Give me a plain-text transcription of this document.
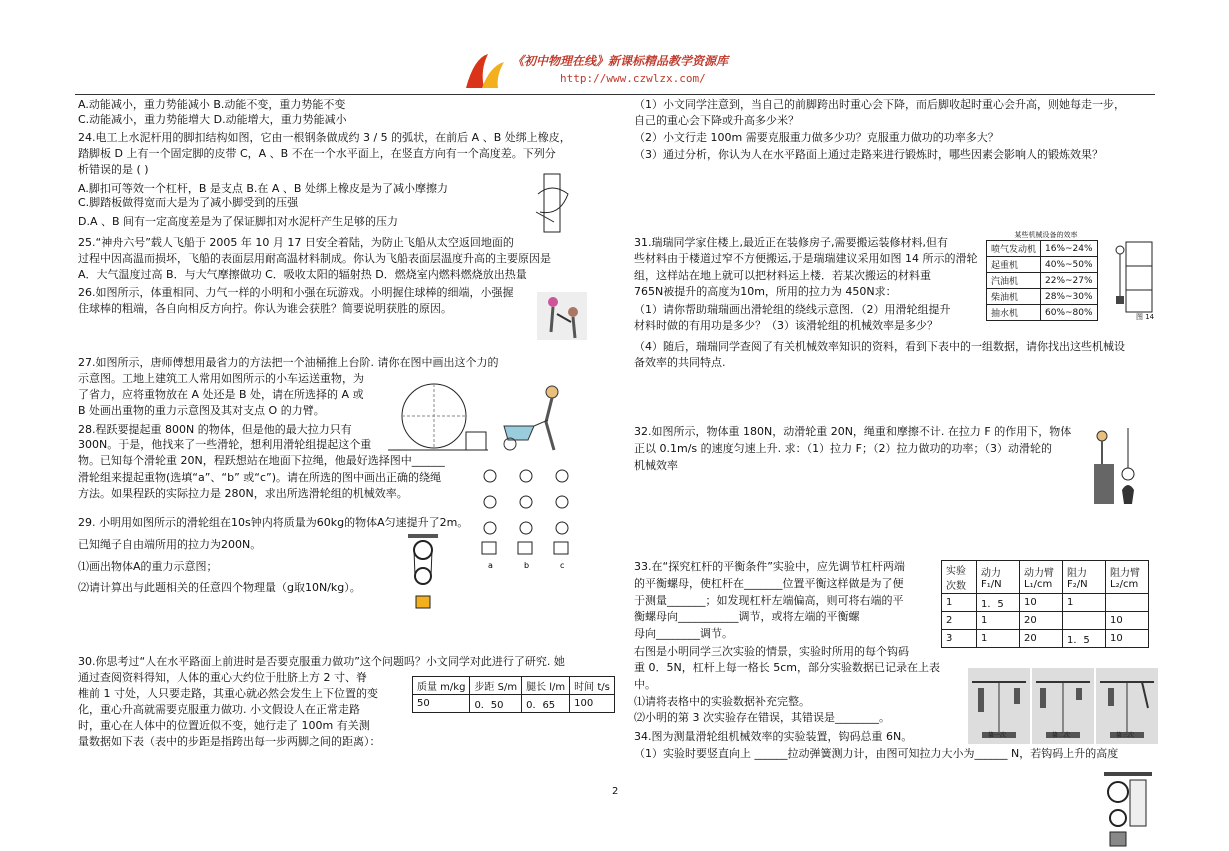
《初中物理在线》新课标精品教学资源库
http://www.czwlzx.com/
A.动能减小，重力势能减小 B.动能不变，重力势能不变
C.动能减小，重力势能增大 D.动能增大，重力势能减小
24.电工上水泥杆用的脚扣结构如图，它由一根钢条做成约 3 / 5 的弧状，在前后 A 、B 处绑上橡皮，
踏脚板 D 上有一个固定脚的皮带 C，A 、B 不在一个水平面上，在竖直方向有一个高度差。下列分
析错误的是 ( )
A.脚扣可等效一个杠杆，B 是支点 B.在 A 、B 处绑上橡皮是为了减小摩擦力
C.脚踏板做得宽而大是为了减小脚受到的压强
D.A 、B 间有一定高度差是为了保证脚扣对水泥杆产生足够的压力
25.“神舟六号”载人飞船于 2005 年 10 月 17 日安全着陆，为防止飞船从太空返回地面的
过程中因高温而损坏，飞船的表面层用耐高温材料制成。你认为飞船表面层温度升高的主要原因是
A．大气温度过高 B．与大气摩擦做功 C．吸收太阳的辐射热 D．燃烧室内燃料燃烧放出热量
26.如图所示，体重相同、力气一样的小明和小强在玩游戏。小明握住球棒的细端，小强握
住球棒的粗端，各自向相反方向拧。你认为谁会获胜？简要说明获胜的原因。
27.如图所示，唐师傅想用最省力的方法把一个油桶推上台阶. 请你在图中画出这个力的
示意图。工地上建筑工人常用如图所示的小车运送重物，为
了省力，应将重物放在 A 处还是 B 处，请在所选择的 A 或
B 处画出重物的重力示意图及其对支点 O 的力臂。
28.程跃要提起重 800N 的物体，但是他的最大拉力只有
300N。于是，他找来了一些滑轮，想利用滑轮组提起这个重
物。已知每个滑轮重 20N，程跃想站在地面下拉绳，他最好选择图中______
滑轮组来提起重物(选填“a”、“b” 或“c”)。请在所选的图中画出正确的绕绳
方法。如果程跃的实际拉力是 280N，求出所选滑轮组的机械效率。
29. 小明用如图所示的滑轮组在10s钟内将质量为60kg的物体A匀速提升了2m。
已知绳子自由端所用的拉力为200N。
⑴画出物体A的重力示意图；
⑵请计算出与此题相关的任意四个物理量（g取10N/kg）。
30.你思考过“人在水平路面上前进时是否要克服重力做功”这个问题吗？小文同学对此进行了研究. 她
通过查阅资料得知，人体的重心大约位于肚脐上方 2 寸、脊
椎前 1 寸处，人只要走路，其重心就必然会发生上下位置的变
化，重心升高就需要克服重力做功. 小文假设人在正常走路
时，重心在人体中的位置近似不变，她行走了 100m 有关测
量数据如下表（表中的步距是指跨出每一步两脚之间的距离）：
质量 m/kg	步距 S/m	腿长 l/m	时间 t/s
50	0．50	0．65	100
a	b	c
（1）小文同学注意到，当自己的前脚跨出时重心会下降，而后脚收起时重心会升高，则她每走一步，
自己的重心会下降或升高多少米？
（2）小文行走 100m 需要克服重力做多少功？克服重力做功的功率多大？
（3）通过分析，你认为人在水平路面上通过走路来进行锻炼时，哪些因素会影响人的锻炼效果？
31.瑞瑞同学家住楼上,最近正在装修房子,需要搬运装修材料,但有
些材料由于楼道过窄不方便搬运,于是瑞瑞建议采用如图 14 所示的滑轮
组，这样站在地上就可以把材料运上楼．若某次搬运的材料重
765N被提升的高度为10m，所用的拉力为 450N求：
（1）请你帮助瑞瑞画出滑轮组的绕线示意图．（2）用滑轮组提升
材料时做的有用功是多少？（3）该滑轮组的机械效率是多少？
（4）随后，瑞瑞同学查阅了有关机械效率知识的资料，看到下表中的一组数据，请你找出这些机械设
备效率的共同特点.
32.如图所示，物体重 180N，动滑轮重 20N，绳重和摩擦不计. 在拉力 F 的作用下，物体
正以 0.1m/s 的速度匀速上升. 求：（1）拉力 F；（2）拉力做功的功率；（3）动滑轮的
机械效率
33.在“探究杠杆的平衡条件”实验中，应先调节杠杆两端
的平衡螺母，使杠杆在_______位置平衡这样做是为了便
于测量_______；如发现杠杆左端偏高，则可将右端的平
衡螺母向___________调节，或将左端的平衡螺
母向________调节。
右图是小明同学三次实验的情景，实验时所用的每个钩码
重 0．5N，杠杆上每一格长 5cm，部分实验数据已记录在上表
中。
⑴请将表格中的实验数据补充完整。
⑵小明的第 3 次实验存在错误，其错误是________。
34.图为测量滑轮组机械效率的实验装置，钩码总重 6N。
（1）实验时要竖直向上 ______拉动弹簧测力计，由图可知拉力大小为______ N，若钩码上升的高度
某些机械设备的效率
喷气发动机	16%~24%
起重机	40%~50%
汽油机	22%~27%
柴油机	28%~30%
抽水机	60%~80%	图 14
实验次数	动力 F₁/N	动力臂 L₁/cm	阻力 F₂/N	阻力臂 L₂/cm
1	1．5	10	1	
2	1	20		10
3	1	20	1．5	10
第一次	第二次	第三次
2
